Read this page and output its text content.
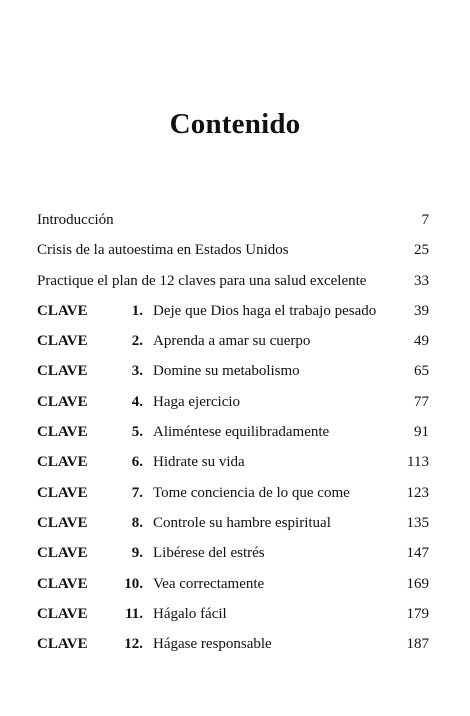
Contenido
Introducción	7
Crisis de la autoestima en Estados Unidos	25
Practique el plan de 12 claves para una salud excelente	33
CLAVE	1. Deje que Dios haga el trabajo pesado	39
CLAVE	2. Aprenda a amar su cuerpo	49
CLAVE	3. Domine su metabolismo	65
CLAVE	4. Haga ejercicio	77
CLAVE	5. Aliméntese equilibradamente	91
CLAVE	6. Hidrate su vida	113
CLAVE	7. Tome conciencia de lo que come	123
CLAVE	8. Controle su hambre espiritual	135
CLAVE	9. Libérese del estrés	147
CLAVE	10. Vea correctamente	169
CLAVE	11. Hágalo fácil	179
CLAVE	12. Hágase responsable	187
